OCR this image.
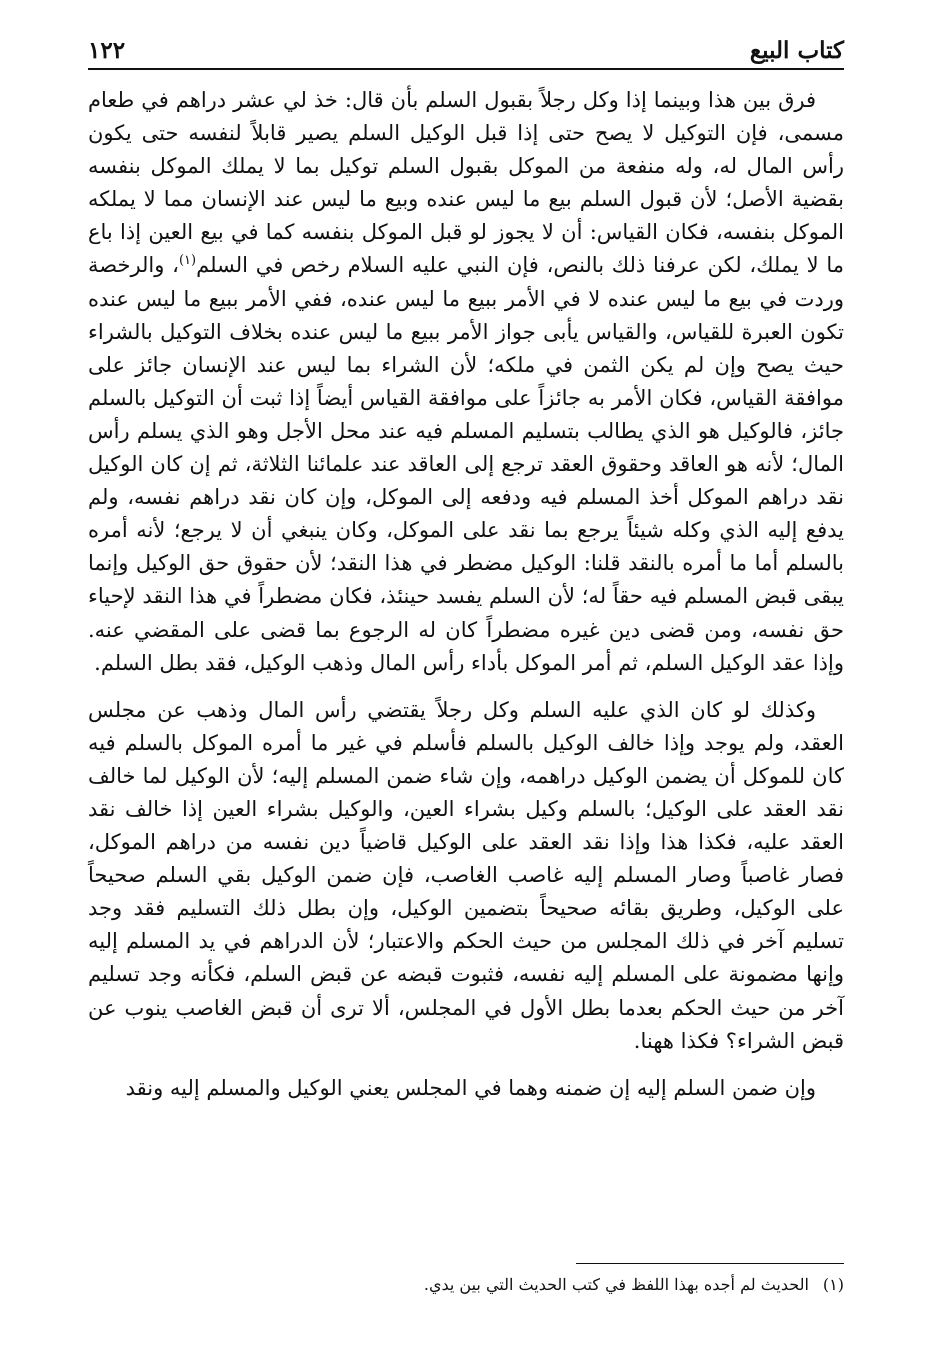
كتاب البيع
١٢٢

فرق بين هذا وبينما إذا وكل رجلاً بقبول السلم بأن قال: خذ لي عشر دراهم في طعام مسمى، فإن التوكيل لا يصح حتى إذا قبل الوكيل السلم يصير قابلاً لنفسه حتى يكون رأس المال له، وله منفعة من الموكل بقبول السلم توكيل بما لا يملك الموكل بنفسه بقضية الأصل؛ لأن قبول السلم بيع ما ليس عنده وبيع ما ليس عند الإنسان مما لا يملكه الموكل بنفسه، فكان القياس: أن لا يجوز لو قبل الموكل بنفسه كما في بيع العين إذا باع ما لا يملك، لكن عرفنا ذلك بالنص، فإن النبي عليه السلام رخص في السلم$^{(١)}$، والرخصة وردت في بيع ما ليس عنده لا في الأمر ببيع ما ليس عنده، ففي الأمر ببيع ما ليس عنده تكون العبرة للقياس، والقياس يأبى جواز الأمر ببيع ما ليس عنده بخلاف التوكيل بالشراء حيث يصح وإن لم يكن الثمن في ملكه؛ لأن الشراء بما ليس عند الإنسان جائز على موافقة القياس، فكان الأمر به جائزاً على موافقة القياس أيضاً إذا ثبت أن التوكيل بالسلم جائز، فالوكيل هو الذي يطالب بتسليم المسلم فيه عند محل الأجل وهو الذي يسلم رأس المال؛ لأنه هو العاقد وحقوق العقد ترجع إلى العاقد عند علمائنا الثلاثة، ثم إن كان الوكيل نقد دراهم الموكل أخذ المسلم فيه ودفعه إلى الموكل، وإن كان نقد دراهم نفسه، ولم يدفع إليه الذي وكله شيئاً يرجع بما نقد على الموكل، وكان ينبغي أن لا يرجع؛ لأنه أمره بالسلم أما ما أمره بالنقد قلنا: الوكيل مضطر في هذا النقد؛ لأن حقوق حق الوكيل وإنما يبقى قبض المسلم فيه حقاً له؛ لأن السلم يفسد حينئذ، فكان مضطراً في هذا النقد لإحياء حق نفسه، ومن قضى دين غيره مضطراً كان له الرجوع بما قضى على المقضي عنه. وإذا عقد الوكيل السلم، ثم أمر الموكل بأداء رأس المال وذهب الوكيل، فقد بطل السلم.

وكذلك لو كان الذي عليه السلم وكل رجلاً يقتضي رأس المال وذهب عن مجلس العقد، ولم يوجد وإذا خالف الوكيل بالسلم فأسلم في غير ما أمره الموكل بالسلم فيه كان للموكل أن يضمن الوكيل دراهمه، وإن شاء ضمن المسلم إليه؛ لأن الوكيل لما خالف نقد العقد على الوكيل؛ بالسلم وكيل بشراء العين، والوكيل بشراء العين إذا خالف نقد العقد عليه، فكذا هذا وإذا نقد العقد على الوكيل قاضياً دين نفسه من دراهم الموكل، فصار غاصباً وصار المسلم إليه غاصب الغاصب، فإن ضمن الوكيل بقي السلم صحيحاً على الوكيل، وطريق بقائه صحيحاً بتضمين الوكيل، وإن بطل ذلك التسليم فقد وجد تسليم آخر في ذلك المجلس من حيث الحكم والاعتبار؛ لأن الدراهم في يد المسلم إليه وإنها مضمونة على المسلم إليه نفسه، فثبوت قبضه عن قبض السلم، فكأنه وجد تسليم آخر من حيث الحكم بعدما بطل الأول في المجلس، ألا ترى أن قبض الغاصب ينوب عن قبض الشراء؟ فكذا ههنا.

وإن ضمن السلم إليه إن ضمنه وهما في المجلس يعني الوكيل والمسلم إليه ونقد

(١)الحديث لم أجده بهذا اللفظ في كتب الحديث التي بين يدي.
